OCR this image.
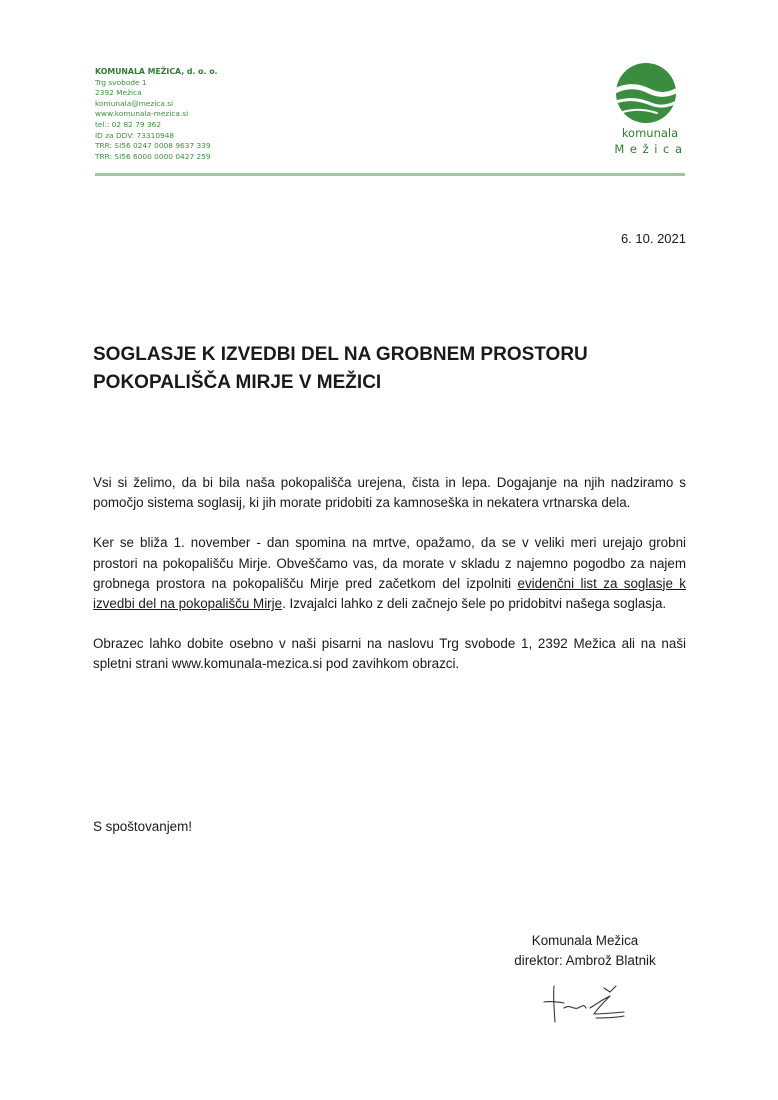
KOMUNALA MEŽICA, d. o. o.
Trg svobode 1
2392 Mežica
komunala@mezica.si
www.komunala-mezica.si
tel.: 02 82 79 362
ID za DDV: 73310948
TRR: SI56 0247 0008 9637 339
TRR: SI56 6000 0000 0427 259
komunala
Mežica
6. 10. 2021
SOGLASJE K IZVEDBI DEL NA GROBNEM PROSTORU
POKOPALIŠČA MIRJE V MEŽICI

Vsi si želimo, da bi bila naša pokopališča urejena, čista in lepa. Dogajanje na njih nadziramo s pomočjo sistema soglasij, ki jih morate pridobiti za kamnoseška in nekatera vrtnarska dela.

Ker se bliža 1. november - dan spomina na mrtve, opažamo, da se v veliki meri urejajo grobni prostori na pokopališču Mirje. Obveščamo vas, da morate v skladu z najemno pogodbo za najem grobnega prostora na pokopališču Mirje pred začetkom del izpolniti evidenčni list za soglasje k izvedbi del na pokopališču Mirje. Izvajalci lahko z deli začnejo šele po pridobitvi našega soglasja.

Obrazec lahko dobite osebno v naši pisarni na naslovu Trg svobode 1, 2392 Mežica ali na naši spletni strani www.komunala-mezica.si pod zavihkom obrazci.

S spoštovanjem!
Komunala Mežica
direktor: Ambrož Blatnik
